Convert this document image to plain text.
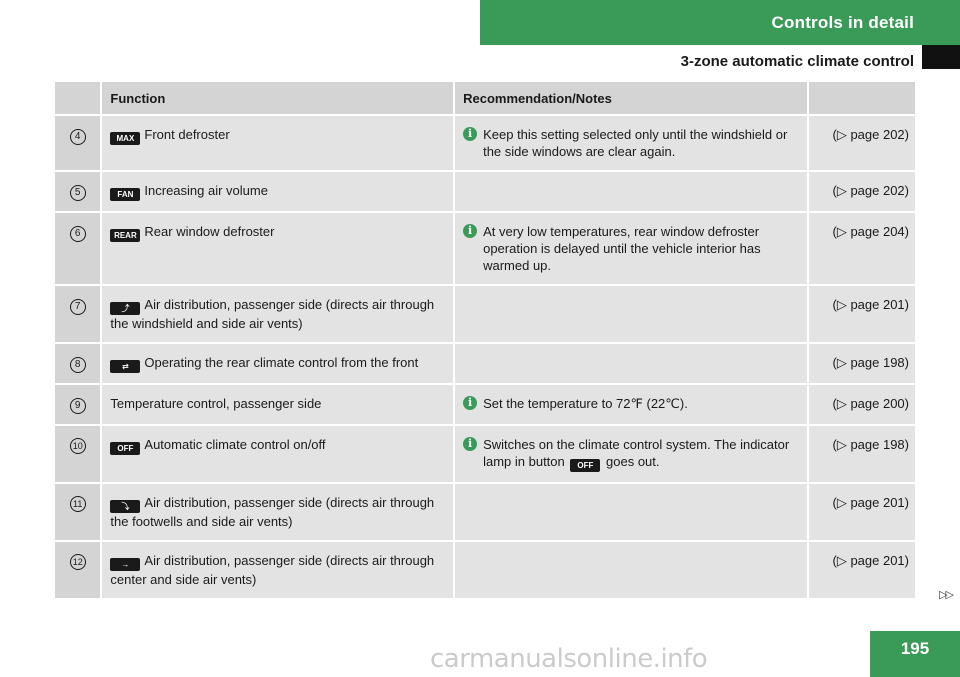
Controls in detail
3-zone automatic climate control
	Function	Recommendation/Notes	
4	MAX Front defroster	i Keep this setting selected only until the windshield or the side windows are clear again.	(▷ page 202)
5	FAN Increasing air volume		(▷ page 202)
6	REAR Rear window defroster	i At very low temperatures, rear window defroster operation is delayed until the vehicle interior has warmed up.	(▷ page 204)
7	⤴ Air distribution, passenger side (directs air through the windshield and side air vents)		(▷ page 201)
8	⇄ Operating the rear climate control from the front		(▷ page 198)
9	Temperature control, passenger side	i Set the temperature to 72℉ (22℃).	(▷ page 200)
10	OFF Automatic climate control on/off	i Switches on the climate control system. The indicator lamp in button OFF goes out.	(▷ page 198)
11	⤵ Air distribution, passenger side (directs air through the footwells and side air vents)		(▷ page 201)
12	→ Air distribution, passenger side (directs air through center and side air vents)		(▷ page 201)
▷▷
195
carmanualsonline.info
